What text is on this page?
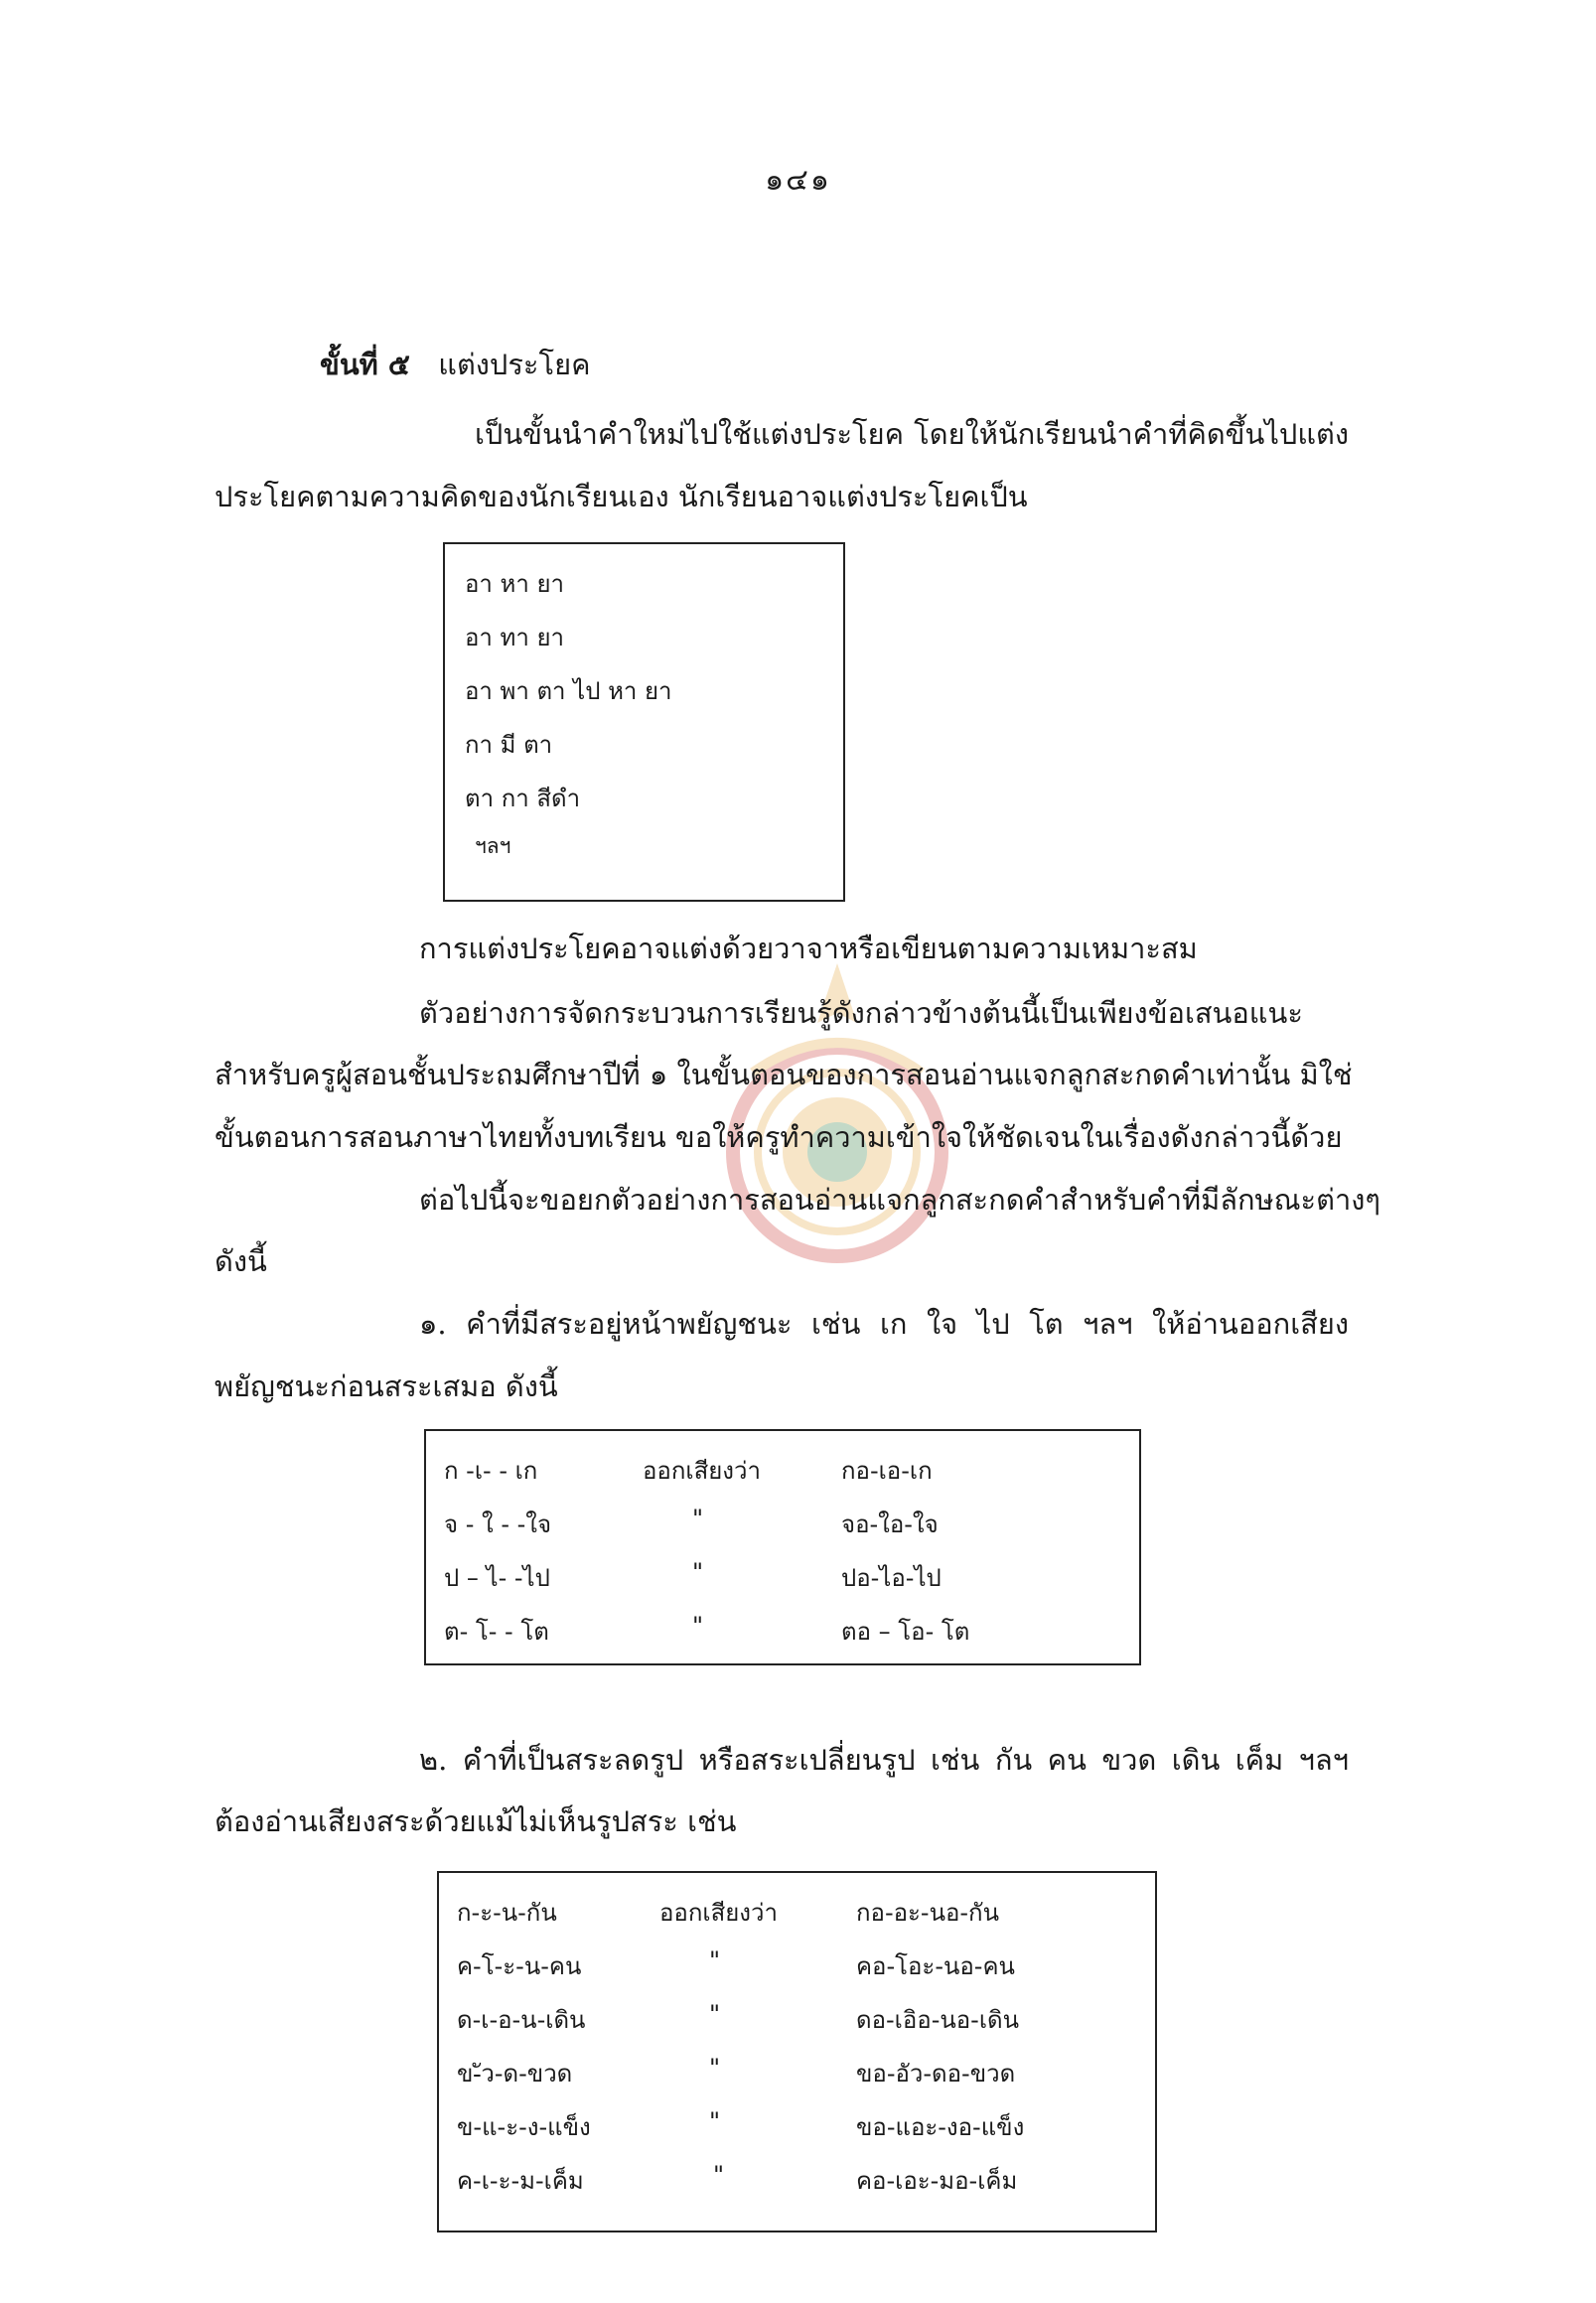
๑๔๑
ขั้นที่ ๕ แต่งประโยค
เป็นขั้นนำคำใหม่ไปใช้แต่งประโยค โดยให้นักเรียนนำคำที่คิดขึ้นไปแต่ง
ประโยคตามความคิดของนักเรียนเอง นักเรียนอาจแต่งประโยคเป็น
อา หา ยา
อา ทา ยา
อา พา ตา ไป หา ยา
กา มี ตา
ตา กา สีดำ
ฯลฯ
การแต่งประโยคอาจแต่งด้วยวาจาหรือเขียนตามความเหมาะสม
ตัวอย่างการจัดกระบวนการเรียนรู้ดังกล่าวข้างต้นนี้เป็นเพียงข้อเสนอแนะ
สำหรับครูผู้สอนชั้นประถมศึกษาปีที่ ๑ ในขั้นตอนของการสอนอ่านแจกลูกสะกดคำเท่านั้น มิใช่
ขั้นตอนการสอนภาษาไทยทั้งบทเรียน ขอให้ครูทำความเข้าใจให้ชัดเจนในเรื่องดังกล่าวนี้ด้วย
ต่อไปนี้จะขอยกตัวอย่างการสอนอ่านแจกลูกสะกดคำสำหรับคำที่มีลักษณะต่างๆ
ดังนี้
๑. คำที่มีสระอยู่หน้าพยัญชนะ เช่น เก ใจ ไป โต ฯลฯ ให้อ่านออกเสียง
พยัญชนะก่อนสระเสมอ ดังนี้
ก -เ- - เก	ออกเสียงว่า	กอ-เอ-เก
จ - ใ - -ใจ	"	จอ-ใอ-ใจ
ป – ไ- -ไป	"	ปอ-ไอ-ไป
ต- โ- - โต	"	ตอ – โอ- โต
๒. คำที่เป็นสระลดรูป หรือสระเปลี่ยนรูป เช่น กัน คน ขวด เดิน เค็ม ฯลฯ
ต้องอ่านเสียงสระด้วยแม้ไม่เห็นรูปสระ เช่น
ก-ะ-น-กัน	ออกเสียงว่า	กอ-อะ-นอ-กัน
ค-โ-ะ-น-คน	"	คอ-โอะ-นอ-คน
ด-เ-อ-น-เดิน	"	ดอ-เอิอ-นอ-เดิน
ข-ัว-ด-ขวด	"	ขอ-อัว-ดอ-ขวด
ข-แ-ะ-ง-แข็ง	"	ขอ-แอะ-งอ-แข็ง
ค-เ-ะ-ม-เค็ม	"	คอ-เอะ-มอ-เค็ม
